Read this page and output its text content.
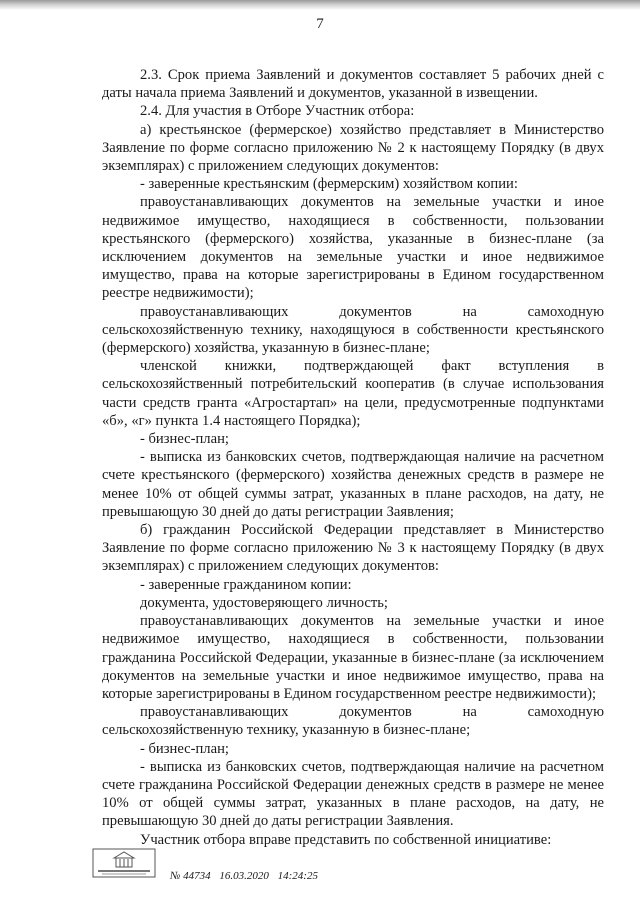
7

2.3. Срок приема Заявлений и документов составляет 5 рабочих дней с даты начала приема Заявлений и документов, указанной в извещении.

2.4. Для участия в Отборе Участник отбора:

а) крестьянское (фермерское) хозяйство представляет в Министерство Заявление по форме согласно приложению № 2 к настоящему Порядку (в двух экземплярах) с приложением следующих документов:

- заверенные крестьянским (фермерским) хозяйством копии:

правоустанавливающих документов на земельные участки и иное недвижимое имущество, находящиеся в собственности, пользовании крестьянского (фермерского) хозяйства, указанные в бизнес-плане (за исключением документов на земельные участки и иное недвижимое имущество, права на которые зарегистрированы в Едином государственном реестре недвижимости);

правоустанавливающих документов на самоходную сельскохозяйственную технику, находящуюся в собственности крестьянского (фермерского) хозяйства, указанную в бизнес-плане;

членской книжки, подтверждающей факт вступления в сельскохозяйственный потребительский кооператив (в случае использования части средств гранта «Агростартап» на цели, предусмотренные подпунктами «б», «г» пункта 1.4 настоящего Порядка);

- бизнес-план;

- выписка из банковских счетов, подтверждающая наличие на расчетном счете крестьянского (фермерского) хозяйства денежных средств в размере не менее 10% от общей суммы затрат, указанных в плане расходов, на дату, не превышающую 30 дней до даты регистрации Заявления;

б) гражданин Российской Федерации представляет в Министерство Заявление по форме согласно приложению № 3 к настоящему Порядку (в двух экземплярах) с приложением следующих документов:

- заверенные гражданином копии:

документа, удостоверяющего личность;

правоустанавливающих документов на земельные участки и иное недвижимое имущество, находящиеся в собственности, пользовании гражданина Российской Федерации, указанные в бизнес-плане (за исключением документов на земельные участки и иное недвижимое имущество, права на которые зарегистрированы в Едином государственном реестре недвижимости);

правоустанавливающих документов на самоходную сельскохозяйственную технику, указанную в бизнес-плане;

- бизнес-план;

- выписка из банковских счетов, подтверждающая наличие на расчетном счете гражданина Российской Федерации денежных средств в размере не менее 10% от общей суммы затрат, указанных в плане расходов, на дату, не превышающую 30 дней до даты регистрации Заявления.

Участник отбора вправе представить по собственной инициативе:

№ 44734 16.03.2020 14:24:25
